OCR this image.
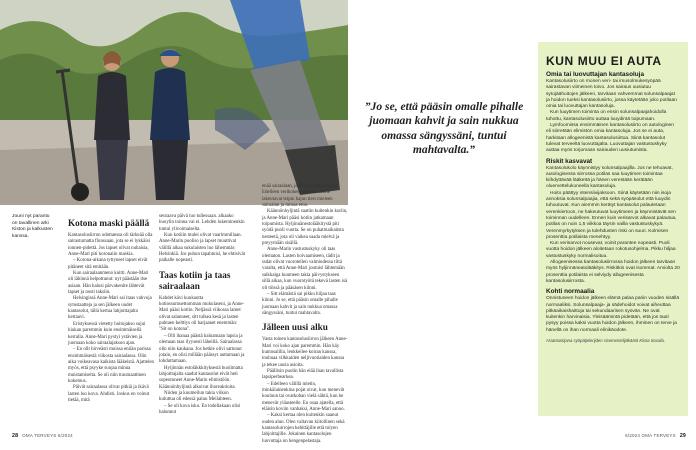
Jouni nyt parantu on tavallinen arki Kiston ja kalkusten kanssa.
Kotona maski päällä

Kantasolusiirron odottaessa oli tärkeää olla sairastumatta flunssaan, jota se ei lykkäisi ionnen-pidettä. Jos lapset olivat nuhaisia, Anne-Mari piti koronaiin maskia.

– Korona-aikana tyttyneet lapset eivät pitäneet sitä emitään.

Kun sairaalaanmeno koitti. Anne-Mari oli lähinnä helpottunut: nyt päästään itse asiaan. Hän halusi pärvakenite lähtevät lapset ja nosti taksiin.

Helsingissä Anne-Mari sai itaas vahvoja sytostaatteja ja sen jälkeen uudet kantasolut, tällä kertaa lahjoittajalta kertaavi.

Eristyksessä vietetty hoitojakso sujui hiukan paremmin kuin ensimmäisellä kerralla. Anne-Mari pystyi ystävien ja juomaan koko sairaalajakson ajan.

– En ollt hirveästi muissa eniiän parissa ensimmäisestä viikosta sairaalassa. Olin aika voikeavasa kaikista lääkeistä. Ajattelen myös, että psyyke suojaa minua muistamiselta. Se oli niin traumaattinen kokemus.

Päivät sairaalassa olivat pitkiä ja ikävä lasten luo kova. Ahdisti. Joskus en voinut tietää, mitä

seuraava päivä tuo tullessaan. alkaako huoylin toinna vai ei. Lehden lukeminenkin tuntui ylivoimaiselta.

Kun kotiiin mulei olivat vaarimmillaan. Anne-Marin puoliso ja lapset muuttivat välillä aikaa sukulaisten luo lähemmäs Helsinkiä. Jos puhun tapahtuisi, he ehtisivät paikalle nopeasti.

Taas kotiin ja taas sairaalaan

Kahdet kävi kuukautta kotiossumuettomman mukulaseni, ja Anne-Mari pääsi kotiin. Neljässä viikossa lamet olivat salanneet, sitt tulkea kesä ja lasten puhtaen kelttiys oli harjaanet enemmän: "Sit on kotona".

– Olli ihanaa päästä haluamaan lapsia ja olemaan taas ilyysesti läheillä. Sairaalassa olin niin kaukana. Jos hetkle olivi sattunut jotain, en olisi millään päässyt auttamaan ja lohduttamaan.

Hyljinnän estoläkkkityksestä huolimatta lahjoittajalta saadut kantasolut eivät heti sopeutuneet Anne-Marin elimistöön. Käännönhyljintä alkoivat ihoreaktioita.

Niiden ja kuumeilun takia viikon kuluttua oli edessä paluu Meilahteen.

– Se oli kova isku. En todellakaan olisi halunnut

enää sairaalaan, jonka hajuskin etoivat. Edelleen verikokeen jälkeen iltolle lakeutavat teipin hajun tiesi mieleen sairaalan ja minua etoo.

Käännönhyljintä saatiin kuitenkin kuriin, ja Anne-Mari pääsi kotiin jatkamaan toipumista. Hyljinnänestolääkitystä piti syödä puoli vuotta. Se on puhatmaikaitsta nesteetä, jota oli vaikea saada mielvä ja preyymään sisällä.

Anne-Marin vastustuskyky oli taas olematon. Lasten hoivaamiseen, tädit ja ssdat olivat vuorotellen valmiudessa tiltä varalta, että Anne-Mari joutuisi lähtemään saikkaiga kuumeen takia päivystykseen sillä aikaa, kun vuorotyötä tekevä lasten isä oli töissä ja pääsäsen kiinni.

– Sitt elämästä sai pikku hiljaa taas kiinni. Jo se, että pääsin omalle pihalle juomaan kahvit ja sain nukkua omassa sängyssäni, tuntui mahtavalta.

Jälleen uusi alku

Vasta toinen kantasolusiirron jälkeen Anne-Mari voi koko ajan paremmin. Hän käy kuntosalilla, lenkkeilee koiran kanssa, touhuaa vilkkaiden neljivuotiaiden kanssa ja tekee uusia asioita.

Päällisin puolin hän elää ihan tavallista lapsiperhearkea.

– Edelleen välillä mietin, minkälainenkina pojat oivat, kun menevät kouluun tai ovatkohan vielä sähtä, kun he menevät yläasteelle. En osaa ajatella, että eläisin koviin vanhaksi, Anne-Mari sanoo.

– Kaksi kertaa olen kuitenkin saanut uuden alun. Olen valtavan kiitollinen sekä kantasoluirrojen kehittäjille että tolyen lahjoittajille. Jokainen kantasolujen luovuttaja on hengenpelastaja.

28 OMA TERVEYS 6/2024
”Jo se, että pääsin omalle pihalle juomaan kahvit ja sain nukkua omassa sängyssäni, tuntui mahtavalta.”
KUN MUU EI AUTA
Omia tai luovuttajan kantasoluja

Kantasolusiirto on monen veri- tai imusolmukesyöpää sairastavan viimeinen toivo. Jos sairaus uusiutuu sytojäähoitojen jälkeen, tarvitaan vahvemmat solunsalpaajat ja hoidon tueksi kantasolusiirto, jossa käytetään joko potilaan omia tai luovuttajan kantasoluja.

Kun luuytimen toiminta on ensin solunsalpaajahoidolla tuhottu, kantasolusiirto auttaa luuydintä toipumaan.

Lymfoomissa ensimmäinen kantasolusiirto on autologinen eli siirretään elimistön omia kantasoluja. Jos se ei auta, harkitaan allogeenistä kantasolusiirtoa. Siinä kantasolut tulevat terveeltä luovuttajalta. Luovuttajan vastustuskyky auttaa myös torjumaan sairauden uusiutumista.

Riskit kasvavat

Kantasolukolo käynnistyy solunsalpaajilla. Jos ne tehoavat, autologisessa siirrossa potilas saa luuytimen toimintaa kiihdyttävää lääkettä ja hänen verestään kerätään oluervettelukoneella kantasoluja.

Hoito päättyy intensiivijaksoon. Siinä käytetään niin isoja annoksia solunsalpaajia, että sekä syöpäsolut että luuydin tuhoutuvat. Kun aiemmin kerätyt kantasolut palautetaan verenkiertoon, ne hakeutuvat luuytimeen ja käynnistävät sen toiminnan uudelleen. Ennen kuin verisarvot alkavat palautua, potilas on noin 1,5 viikkoa täysin vailla vastustuskykyä. Verenmyrkytyksen ja tulehdusten riski on suuri. Kolmisen prosenttia potilaista menehtyy.

Kun verisarvot nousevat, voinit parantee nopeasti. Puoli vuotta hoidon jälkeen aloitetaan rokotusohjelma. Pikku hiljaa vastustuskyky normalisoituu.

Allogeenisessa kantasolusiirrossa hoidon jälkeen tarvitaan myös hyljinnäneatolääkitys. Riskitkin ovat isommat. Arviolta 20 prosenttia potilaista ei selviydy allogeenisesta kantasolusiirrosta.

Kohti normaalia

Onnistuneen hoidon jälkeen elämä palaa pariin vuoden sisällä normaaliksi. Solunsalpaaja- ja sädehoidot voivat aiheuttaa pitkäaikaishaittoja tai sekundaarisen syövän. Ne ovat kuitenkin harvinaisia. Yleisäämintä pidetään, että jos tauti pysyy poissa kaksi vuotta hoidon jälkeen, ihminen on terve ja hänellä on ihan normaali elinikäodote.

Asiantuntijana syöpätjelerijden sisementelijäkäärit Kiista Soraila.

6/2024 OMA TERVEYS 29
